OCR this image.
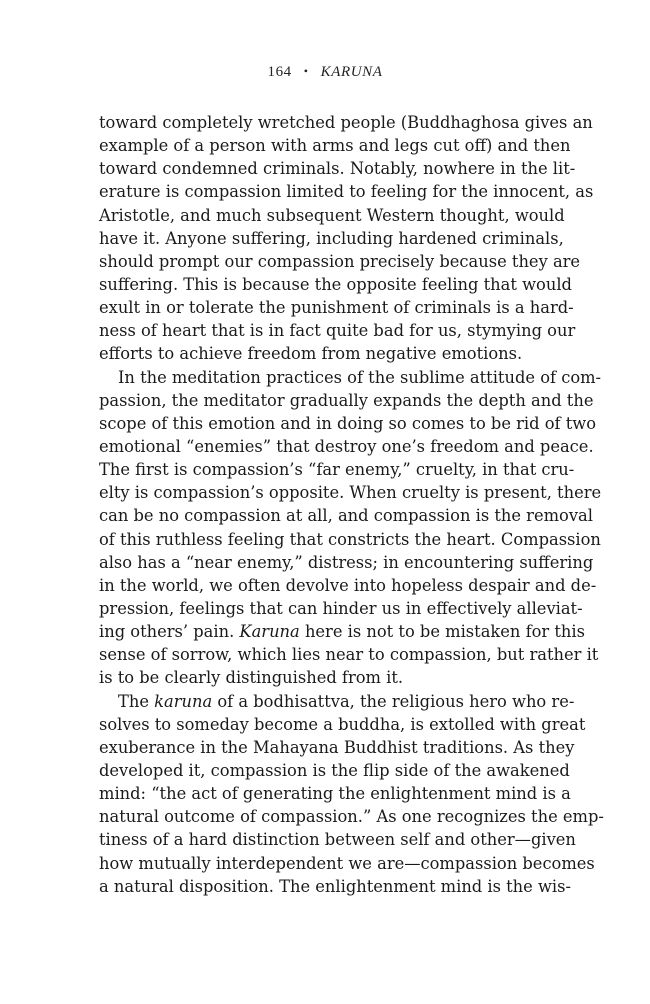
164 • KARUNA
toward completely wretched people (Buddhaghosa gives an
example of a person with arms and legs cut off) and then
toward condemned criminals. Notably, nowhere in the lit-
erature is compassion limited to feeling for the innocent, as
Aristotle, and much subsequent Western thought, would
have it. Anyone suffering, including hardened criminals,
should prompt our compassion precisely because they are
suffering. This is because the opposite feeling that would
exult in or tolerate the punishment of criminals is a hard-
ness of heart that is in fact quite bad for us, stymying our
efforts to achieve freedom from negative emotions.
In the meditation practices of the sublime attitude of com-
passion, the meditator gradually expands the depth and the
scope of this emotion and in doing so comes to be rid of two
emotional “enemies” that destroy one’s freedom and peace.
The first is compassion’s “far enemy,” cruelty, in that cru-
elty is compassion’s opposite. When cruelty is present, there
can be no compassion at all, and compassion is the removal
of this ruthless feeling that constricts the heart. Compassion
also has a “near enemy,” distress; in encountering suffering
in the world, we often devolve into hopeless despair and de-
pression, feelings that can hinder us in effectively alleviat-
ing others’ pain. Karuna here is not to be mistaken for this
sense of sorrow, which lies near to compassion, but rather it
is to be clearly distinguished from it.
The karuna of a bodhisattva, the religious hero who re-
solves to someday become a buddha, is extolled with great
exuberance in the Mahayana Buddhist traditions. As they
developed it, compassion is the flip side of the awakened
mind: “the act of generating the enlightenment mind is a
natural outcome of compassion.” As one recognizes the emp-
tiness of a hard distinction between self and other—given
how mutually interdependent we are—compassion becomes
a natural disposition. The enlightenment mind is the wis-
